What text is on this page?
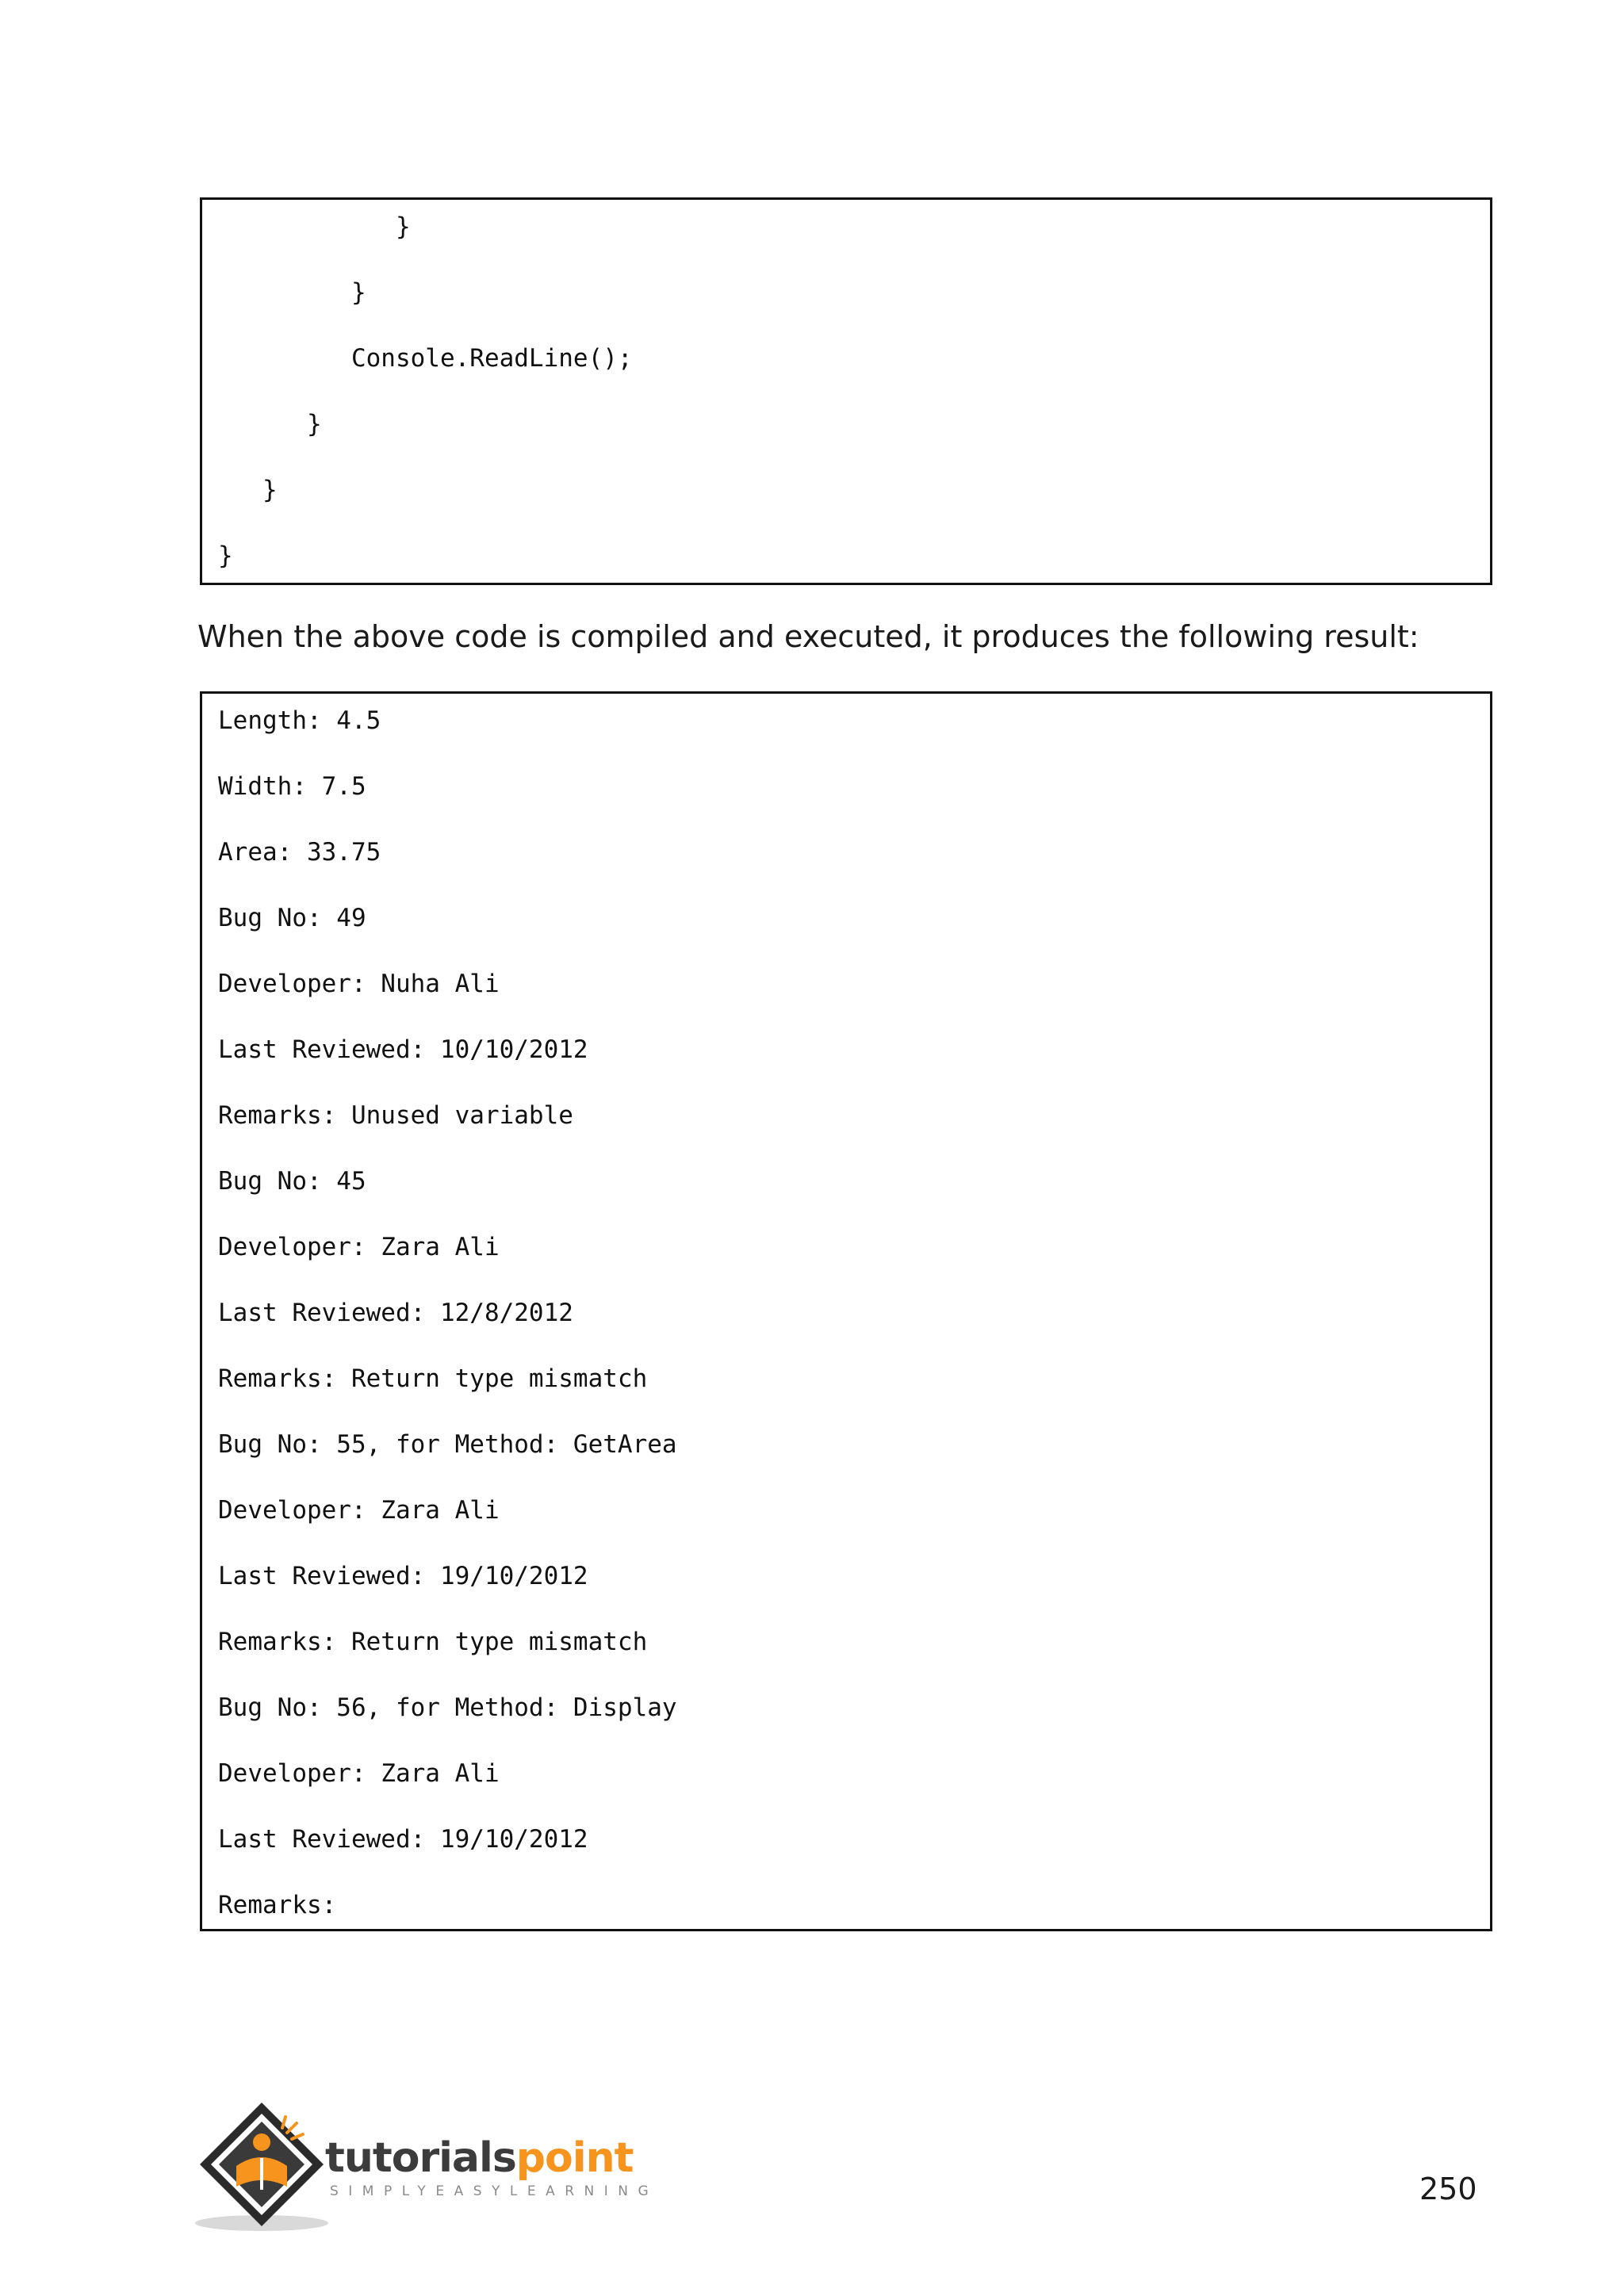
}
}
Console.ReadLine();
}
}
}
When the above code is compiled and executed, it produces the following result:
Length: 4.5
Width: 7.5
Area: 33.75
Bug No: 49
Developer: Nuha Ali
Last Reviewed: 10/10/2012
Remarks: Unused variable
Bug No: 45
Developer: Zara Ali
Last Reviewed: 12/8/2012
Remarks: Return type mismatch
Bug No: 55, for Method: GetArea
Developer: Zara Ali
Last Reviewed: 19/10/2012
Remarks: Return type mismatch
Bug No: 56, for Method: Display
Developer: Zara Ali
Last Reviewed: 19/10/2012
Remarks:
tutorialspoint
SIMPLYEASYLEARNING	250
